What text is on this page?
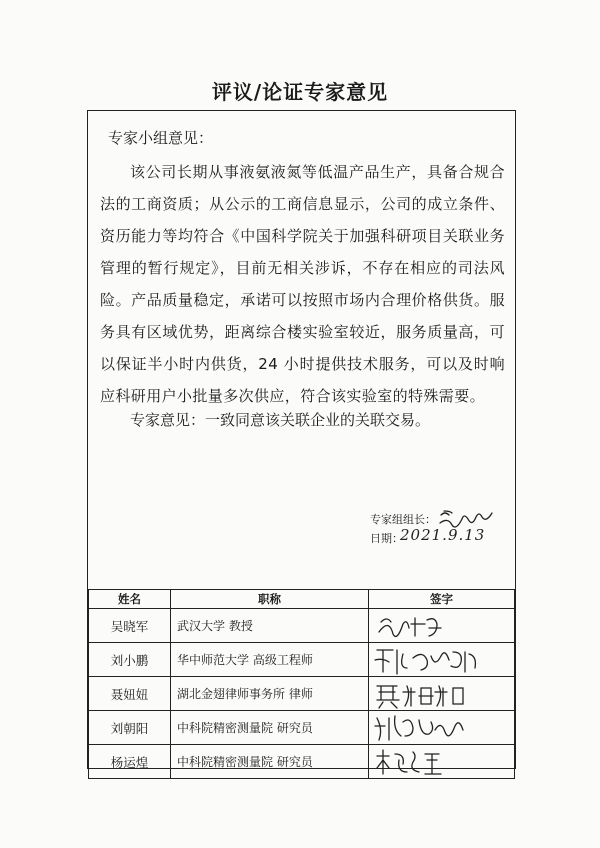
评议/论证专家意见
专家小组意见：
该公司长期从事液氨液氮等低温产品生产，具备合规合法的工商资质；从公示的工商信息显示，公司的成立条件、资历能力等均符合《中国科学院关于加强科研项目关联业务管理的暂行规定》，目前无相关涉诉，不存在相应的司法风险。产品质量稳定，承诺可以按照市场内合理价格供货。服务具有区域优势，距离综合楼实验室较近，服务质量高，可以保证半小时内供货，24 小时提供技术服务，可以及时响应科研用户小批量多次供应，符合该实验室的特殊需要。
专家意见：一致同意该关联企业的关联交易。
专家组组长：
日期：
2021.9.13
姓名	职称	签字
吴晓军	武汉大学 教授	

刘小鹏	华中师范大学 高级工程师	

聂妞妞	湖北金翅律师事务所 律师	

刘朝阳	中科院精密测量院 研究员	

杨运煌	中科院精密测量院 研究员	
